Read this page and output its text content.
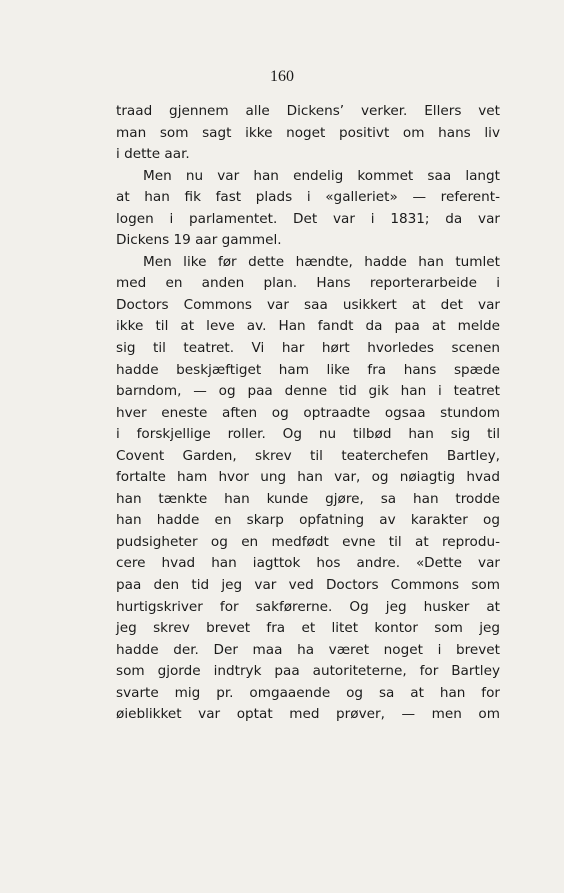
160
traad gjennem alle Dickens’ verker. Ellers vet
man som sagt ikke noget positivt om hans liv
i dette aar.
Men nu var han endelig kommet saa langt
at han fik fast plads i «galleriet» — referent-
logen i parlamentet. Det var i 1831; da var
Dickens 19 aar gammel.
Men like før dette hændte, hadde han tumlet
med en anden plan. Hans reporterarbeide i
Doctors Commons var saa usikkert at det var
ikke til at leve av. Han fandt da paa at melde
sig til teatret. Vi har hørt hvorledes scenen
hadde beskjæftiget ham like fra hans spæde
barndom, — og paa denne tid gik han i teatret
hver eneste aften og optraadte ogsaa stundom
i forskjellige roller. Og nu tilbød han sig til
Covent Garden, skrev til teaterchefen Bartley,
fortalte ham hvor ung han var, og nøiagtig hvad
han tænkte han kunde gjøre, sa han trodde
han hadde en skarp opfatning av karakter og
pudsigheter og en medfødt evne til at reprodu-
cere hvad han iagttok hos andre. «Dette var
paa den tid jeg var ved Doctors Commons som
hurtigskriver for sakførerne. Og jeg husker at
jeg skrev brevet fra et litet kontor som jeg
hadde der. Der maa ha været noget i brevet
som gjorde indtryk paa autoriteterne, for Bartley
svarte mig pr. omgaaende og sa at han for
øieblikket var optat med prøver, — men om
